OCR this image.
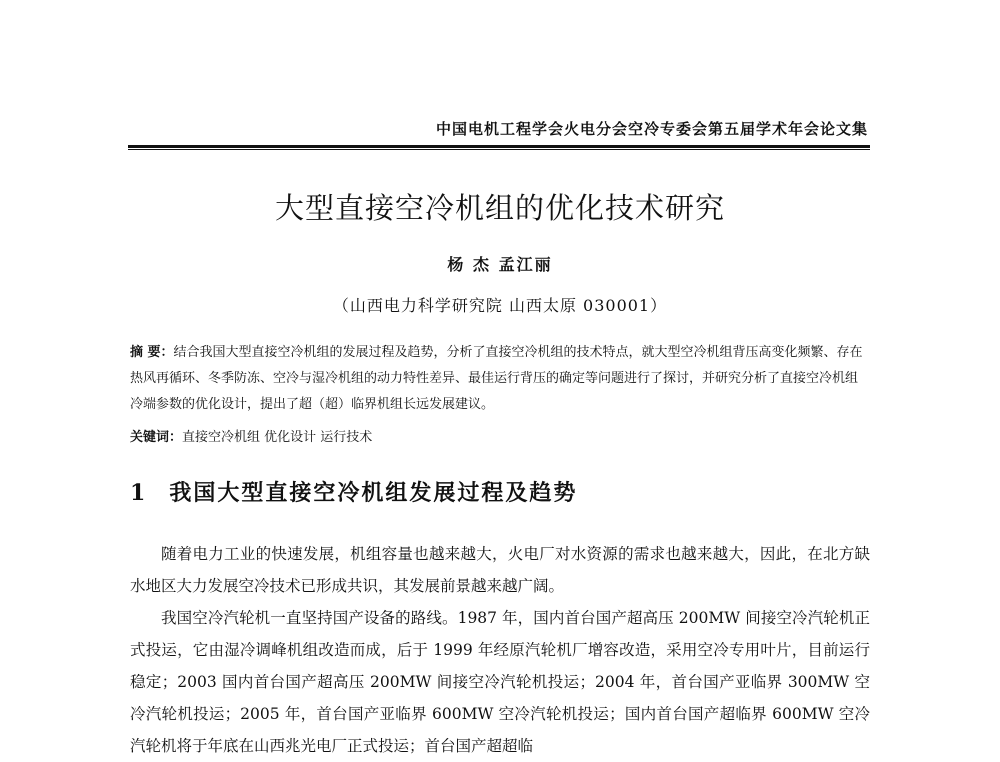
中国电机工程学会火电分会空冷专委会第五届学术年会论文集
大型直接空冷机组的优化技术研究
杨 杰 孟江丽
（山西电力科学研究院 山西太原 030001）
摘 要：结合我国大型直接空冷机组的发展过程及趋势，分析了直接空冷机组的技术特点，就大型空冷机组背压高变化频繁、存在热风再循环、冬季防冻、空冷与湿冷机组的动力特性差异、最佳运行背压的确定等问题进行了探讨，并研究分析了直接空冷机组冷端参数的优化设计，提出了超（超）临界机组长远发展建议。
关键词：直接空冷机组 优化设计 运行技术
1 我国大型直接空冷机组发展过程及趋势

随着电力工业的快速发展，机组容量也越来越大，火电厂对水资源的需求也越来越大，因此，在北方缺水地区大力发展空冷技术已形成共识，其发展前景越来越广阔。

我国空冷汽轮机一直坚持国产设备的路线。1987 年，国内首台国产超高压 200MW 间接空冷汽轮机正式投运，它由湿冷调峰机组改造而成，后于 1999 年经原汽轮机厂增容改造，采用空冷专用叶片，目前运行稳定；2003 国内首台国产超高压 200MW 间接空冷汽轮机投运；2004 年，首台国产亚临界 300MW 空冷汽轮机投运；2005 年，首台国产亚临界 600MW 空冷汽轮机投运；国内首台国产超临界 600MW 空冷汽轮机将于年底在山西兆光电厂正式投运；首台国产超超临
